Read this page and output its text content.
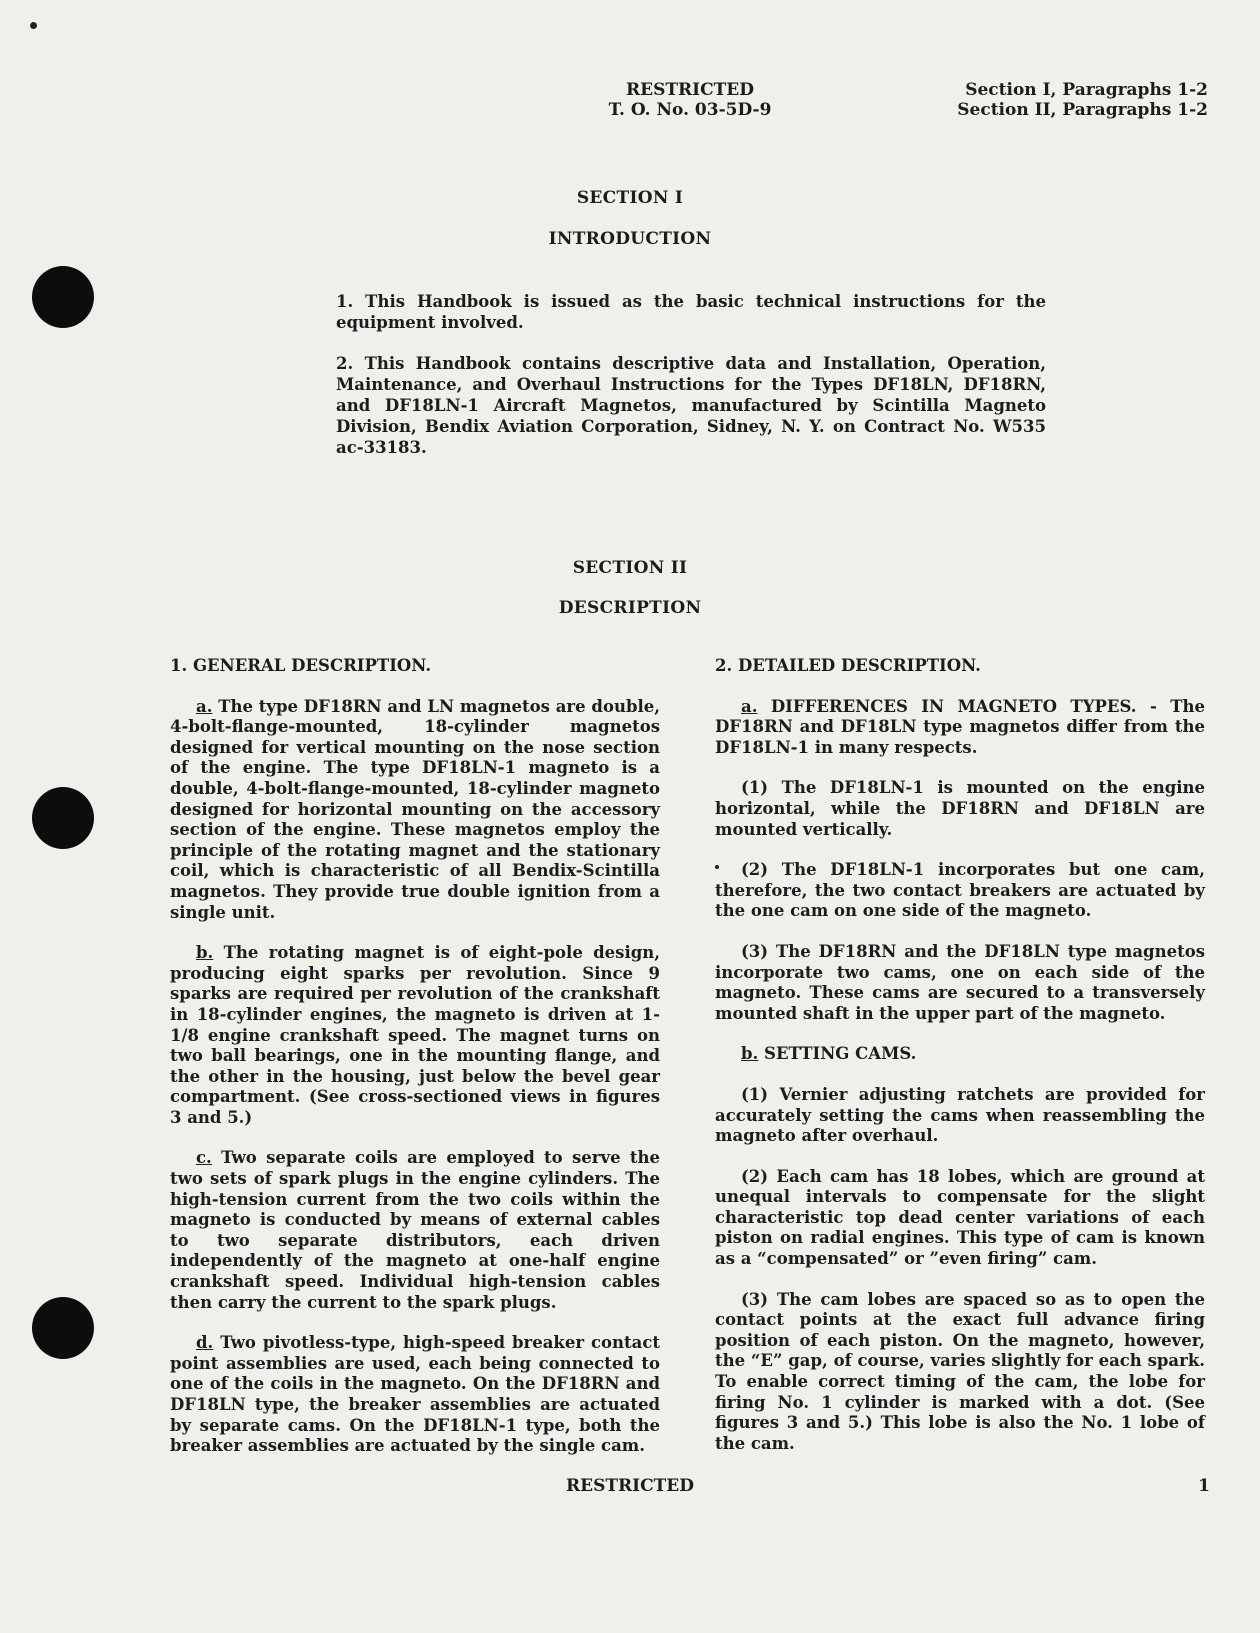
RESTRICTED
T. O. No. 03-5D-9
Section I, Paragraphs 1-2
Section II, Paragraphs 1-2
SECTION I
INTRODUCTION

1. This Handbook is issued as the basic technical instructions for the equipment involved.

2. This Handbook contains descriptive data and Installation, Operation, Maintenance, and Overhaul Instructions for the Types DF18LN, DF18RN, and DF18LN-1 Aircraft Magnetos, manufactured by Scintilla Magneto Division, Bendix Aviation Corporation, Sidney, N. Y. on Contract No. W535 ac-33183.

SECTION II
DESCRIPTION
1. GENERAL DESCRIPTION.

a. The type DF18RN and LN magnetos are double, 4-bolt-flange-mounted, 18-cylinder magnetos designed for vertical mounting on the nose section of the engine. The type DF18LN-1 magneto is a double, 4-bolt-flange-mounted, 18-cylinder magneto designed for horizontal mounting on the accessory section of the engine. These magnetos employ the principle of the rotating magnet and the stationary coil, which is characteristic of all Bendix-Scintilla magnetos. They provide true double ignition from a single unit.

b. The rotating magnet is of eight-pole design, producing eight sparks per revolution. Since 9 sparks are required per revolution of the crankshaft in 18-cylinder engines, the magneto is driven at 1-1/8 engine crankshaft speed. The magnet turns on two ball bearings, one in the mounting flange, and the other in the housing, just below the bevel gear compartment. (See cross-sectioned views in figures 3 and 5.)

c. Two separate coils are employed to serve the two sets of spark plugs in the engine cylinders. The high-tension current from the two coils within the magneto is conducted by means of external cables to two separate distributors, each driven independently of the magneto at one-half engine crankshaft speed. Individual high-tension cables then carry the current to the spark plugs.

d. Two pivotless-type, high-speed breaker contact point assemblies are used, each being connected to one of the coils in the magneto. On the DF18RN and DF18LN type, the breaker assemblies are actuated by separate cams. On the DF18LN-1 type, both the breaker assemblies are actuated by the single cam.

2. DETAILED DESCRIPTION.

a. DIFFERENCES IN MAGNETO TYPES. - The DF18RN and DF18LN type magnetos differ from the DF18LN-1 in many respects.

(1) The DF18LN-1 is mounted on the engine horizontal, while the DF18RN and DF18LN are mounted vertically.

(2) The DF18LN-1 incorporates but one cam, therefore, the two contact breakers are actuated by the one cam on one side of the magneto.

(3) The DF18RN and the DF18LN type magnetos incorporate two cams, one on each side of the magneto. These cams are secured to a transversely mounted shaft in the upper part of the magneto.

b. SETTING CAMS.

(1) Vernier adjusting ratchets are provided for accurately setting the cams when reassembling the magneto after overhaul.

(2) Each cam has 18 lobes, which are ground at unequal intervals to compensate for the slight characteristic top dead center variations of each piston on radial engines. This type of cam is known as a “compensated” or ”even firing” cam.

(3) The cam lobes are spaced so as to open the contact points at the exact full advance firing position of each piston. On the magneto, however, the “E” gap, of course, varies slightly for each spark. To enable correct timing of the cam, the lobe for firing No. 1 cylinder is marked with a dot. (See figures 3 and 5.) This lobe is also the No. 1 lobe of the cam.

RESTRICTED	1
